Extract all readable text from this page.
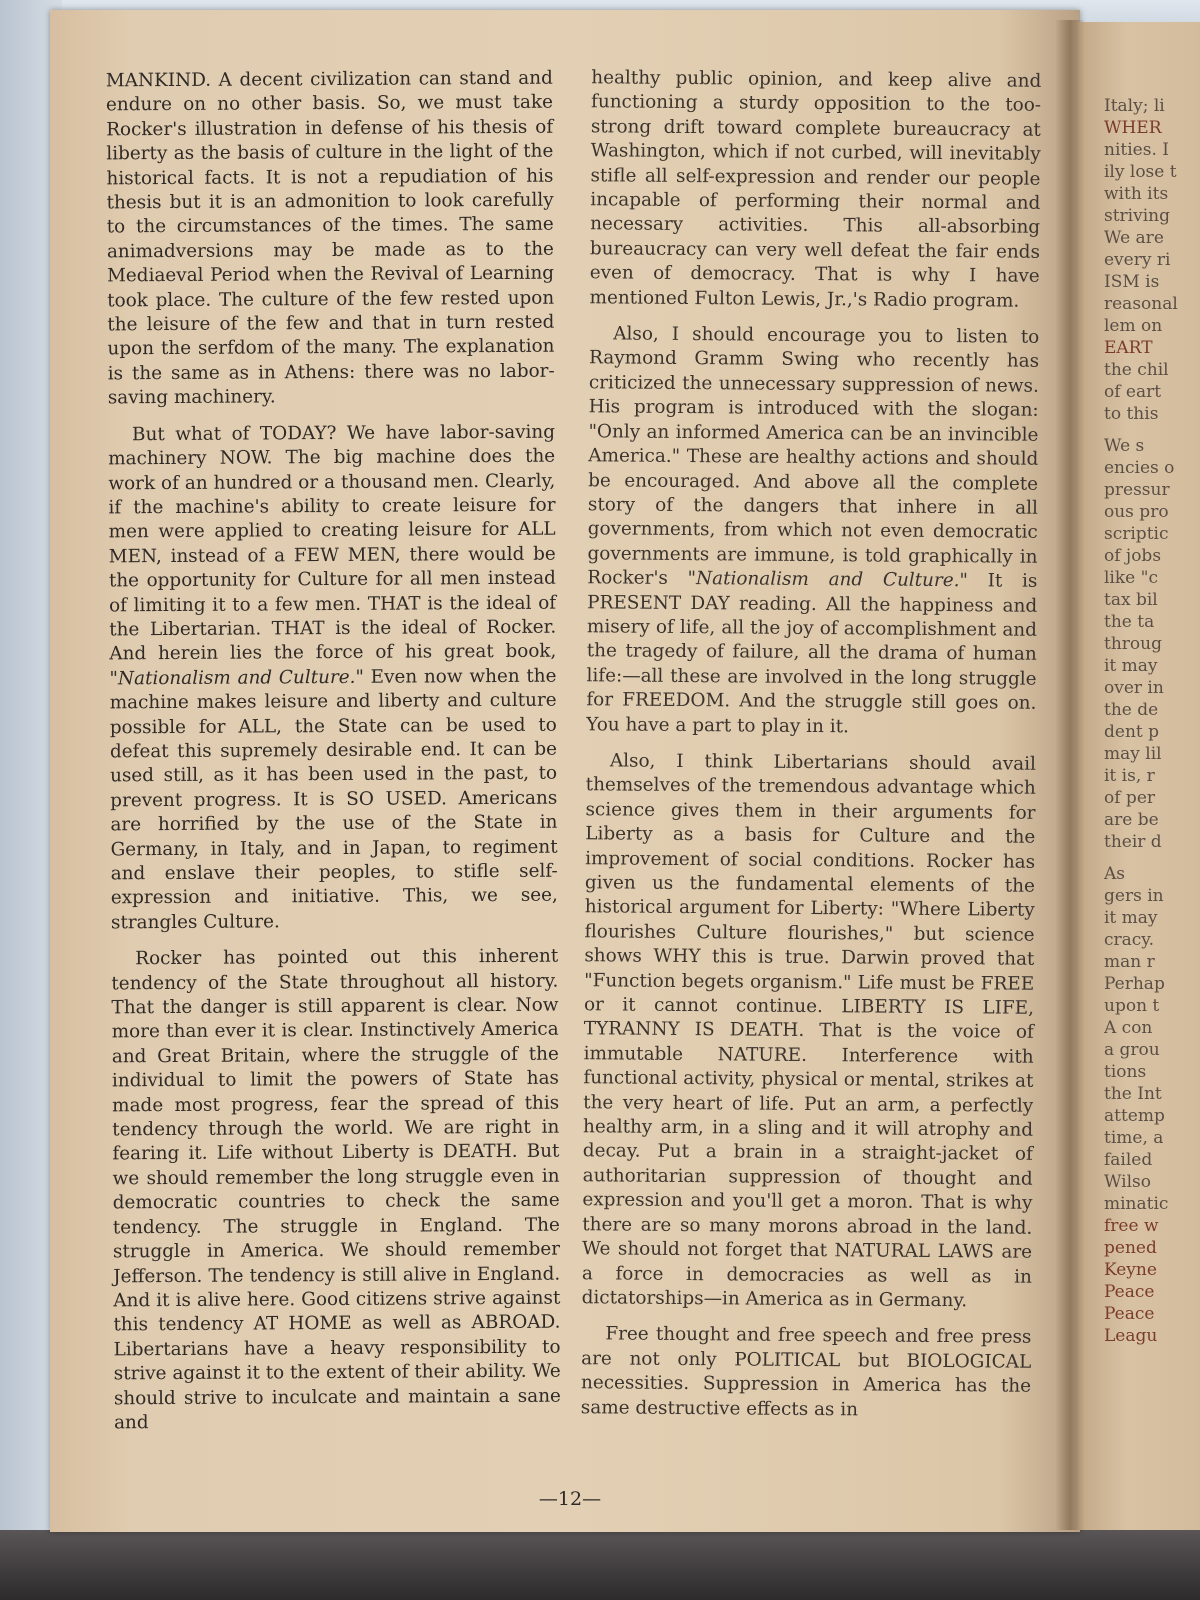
Italy; li
WHER
nities. I
ily lose t
with its
striving
We are
every ri
ISM is
reasonal
lem on
EART
the chil
of eart
to this
We s
encies o
pressur
ous pro
scriptic
of jobs
like "c
tax bil
the ta
throug
it may
over in
the de
dent p
may lil
it is, r
of per
are be
their d
As
gers in
it may
cracy.
man r
Perhap
upon t
A con
a grou
tions
the Int
attemp
time, a
failed
Wilso
minatic
free w
pened
Keyne
Peace
Peace
Leagu

MANKIND. A decent civilization can stand and endure on no other basis. So, we must take Rocker's illustration in defense of his thesis of liberty as the basis of culture in the light of the historical facts. It is not a repudiation of his thesis but it is an admonition to look carefully to the circumstances of the times. The same animadversions may be made as to the Mediaeval Period when the Revival of Learning took place. The culture of the few rested upon the leisure of the few and that in turn rested upon the serfdom of the many. The explanation is the same as in Athens: there was no labor-saving machinery.

But what of TODAY? We have labor-saving machinery NOW. The big machine does the work of an hundred or a thousand men. Clearly, if the machine's ability to create leisure for men were applied to creating leisure for ALL MEN, instead of a FEW MEN, there would be the opportunity for Culture for all men instead of limiting it to a few men. THAT is the ideal of the Libertarian. THAT is the ideal of Rocker. And herein lies the force of his great book, "Nationalism and Culture." Even now when the machine makes leisure and liberty and culture possible for ALL, the State can be used to defeat this supremely desirable end. It can be used still, as it has been used in the past, to prevent progress. It is SO USED. Americans are horrified by the use of the State in Germany, in Italy, and in Japan, to regiment and enslave their peoples, to stifle self-expression and initiative. This, we see, strangles Culture.

Rocker has pointed out this inherent tendency of the State throughout all history. That the danger is still apparent is clear. Now more than ever it is clear. Instinctively America and Great Britain, where the struggle of the individual to limit the powers of State has made most progress, fear the spread of this tendency through the world. We are right in fearing it. Life without Liberty is DEATH. But we should remember the long struggle even in democratic countries to check the same tendency. The struggle in England. The struggle in America. We should remember Jefferson. The tendency is still alive in England. And it is alive here. Good citizens strive against this tendency AT HOME as well as ABROAD. Libertarians have a heavy responsibility to strive against it to the extent of their ability. We should strive to inculcate and maintain a sane and

healthy public opinion, and keep alive and functioning a sturdy opposition to the too-strong drift toward complete bureaucracy at Washington, which if not curbed, will inevitably stifle all self-expression and render our people incapable of performing their normal and necessary activities. This all-absorbing bureaucracy can very well defeat the fair ends even of democracy. That is why I have mentioned Fulton Lewis, Jr.,'s Radio program.

Also, I should encourage you to listen to Raymond Gramm Swing who recently has criticized the unnecessary suppression of news. His program is introduced with the slogan: "Only an informed America can be an invincible America." These are healthy actions and should be encouraged. And above all the complete story of the dangers that inhere in all governments, from which not even democratic governments are immune, is told graphically in Rocker's "Nationalism and Culture." It is PRESENT DAY reading. All the happiness and misery of life, all the joy of accomplishment and the tragedy of failure, all the drama of human life:—all these are involved in the long struggle for FREEDOM. And the struggle still goes on. You have a part to play in it.

Also, I think Libertarians should avail themselves of the tremendous advantage which science gives them in their arguments for Liberty as a basis for Culture and the improvement of social conditions. Rocker has given us the fundamental elements of the historical argument for Liberty: "Where Liberty flourishes Culture flourishes," but science shows WHY this is true. Darwin proved that "Function begets organism." Life must be FREE or it cannot continue. LIBERTY IS LIFE, TYRANNY IS DEATH. That is the voice of immutable NATURE. Interference with functional activity, physical or mental, strikes at the very heart of life. Put an arm, a perfectly healthy arm, in a sling and it will atrophy and decay. Put a brain in a straight-jacket of authoritarian suppression of thought and expression and you'll get a moron. That is why there are so many morons abroad in the land. We should not forget that NATURAL LAWS are a force in democracies as well as in dictatorships—in America as in Germany.

Free thought and free speech and free press are not only POLITICAL but BIOLOGICAL necessities. Suppression in America has the same destructive effects as in

—12—
